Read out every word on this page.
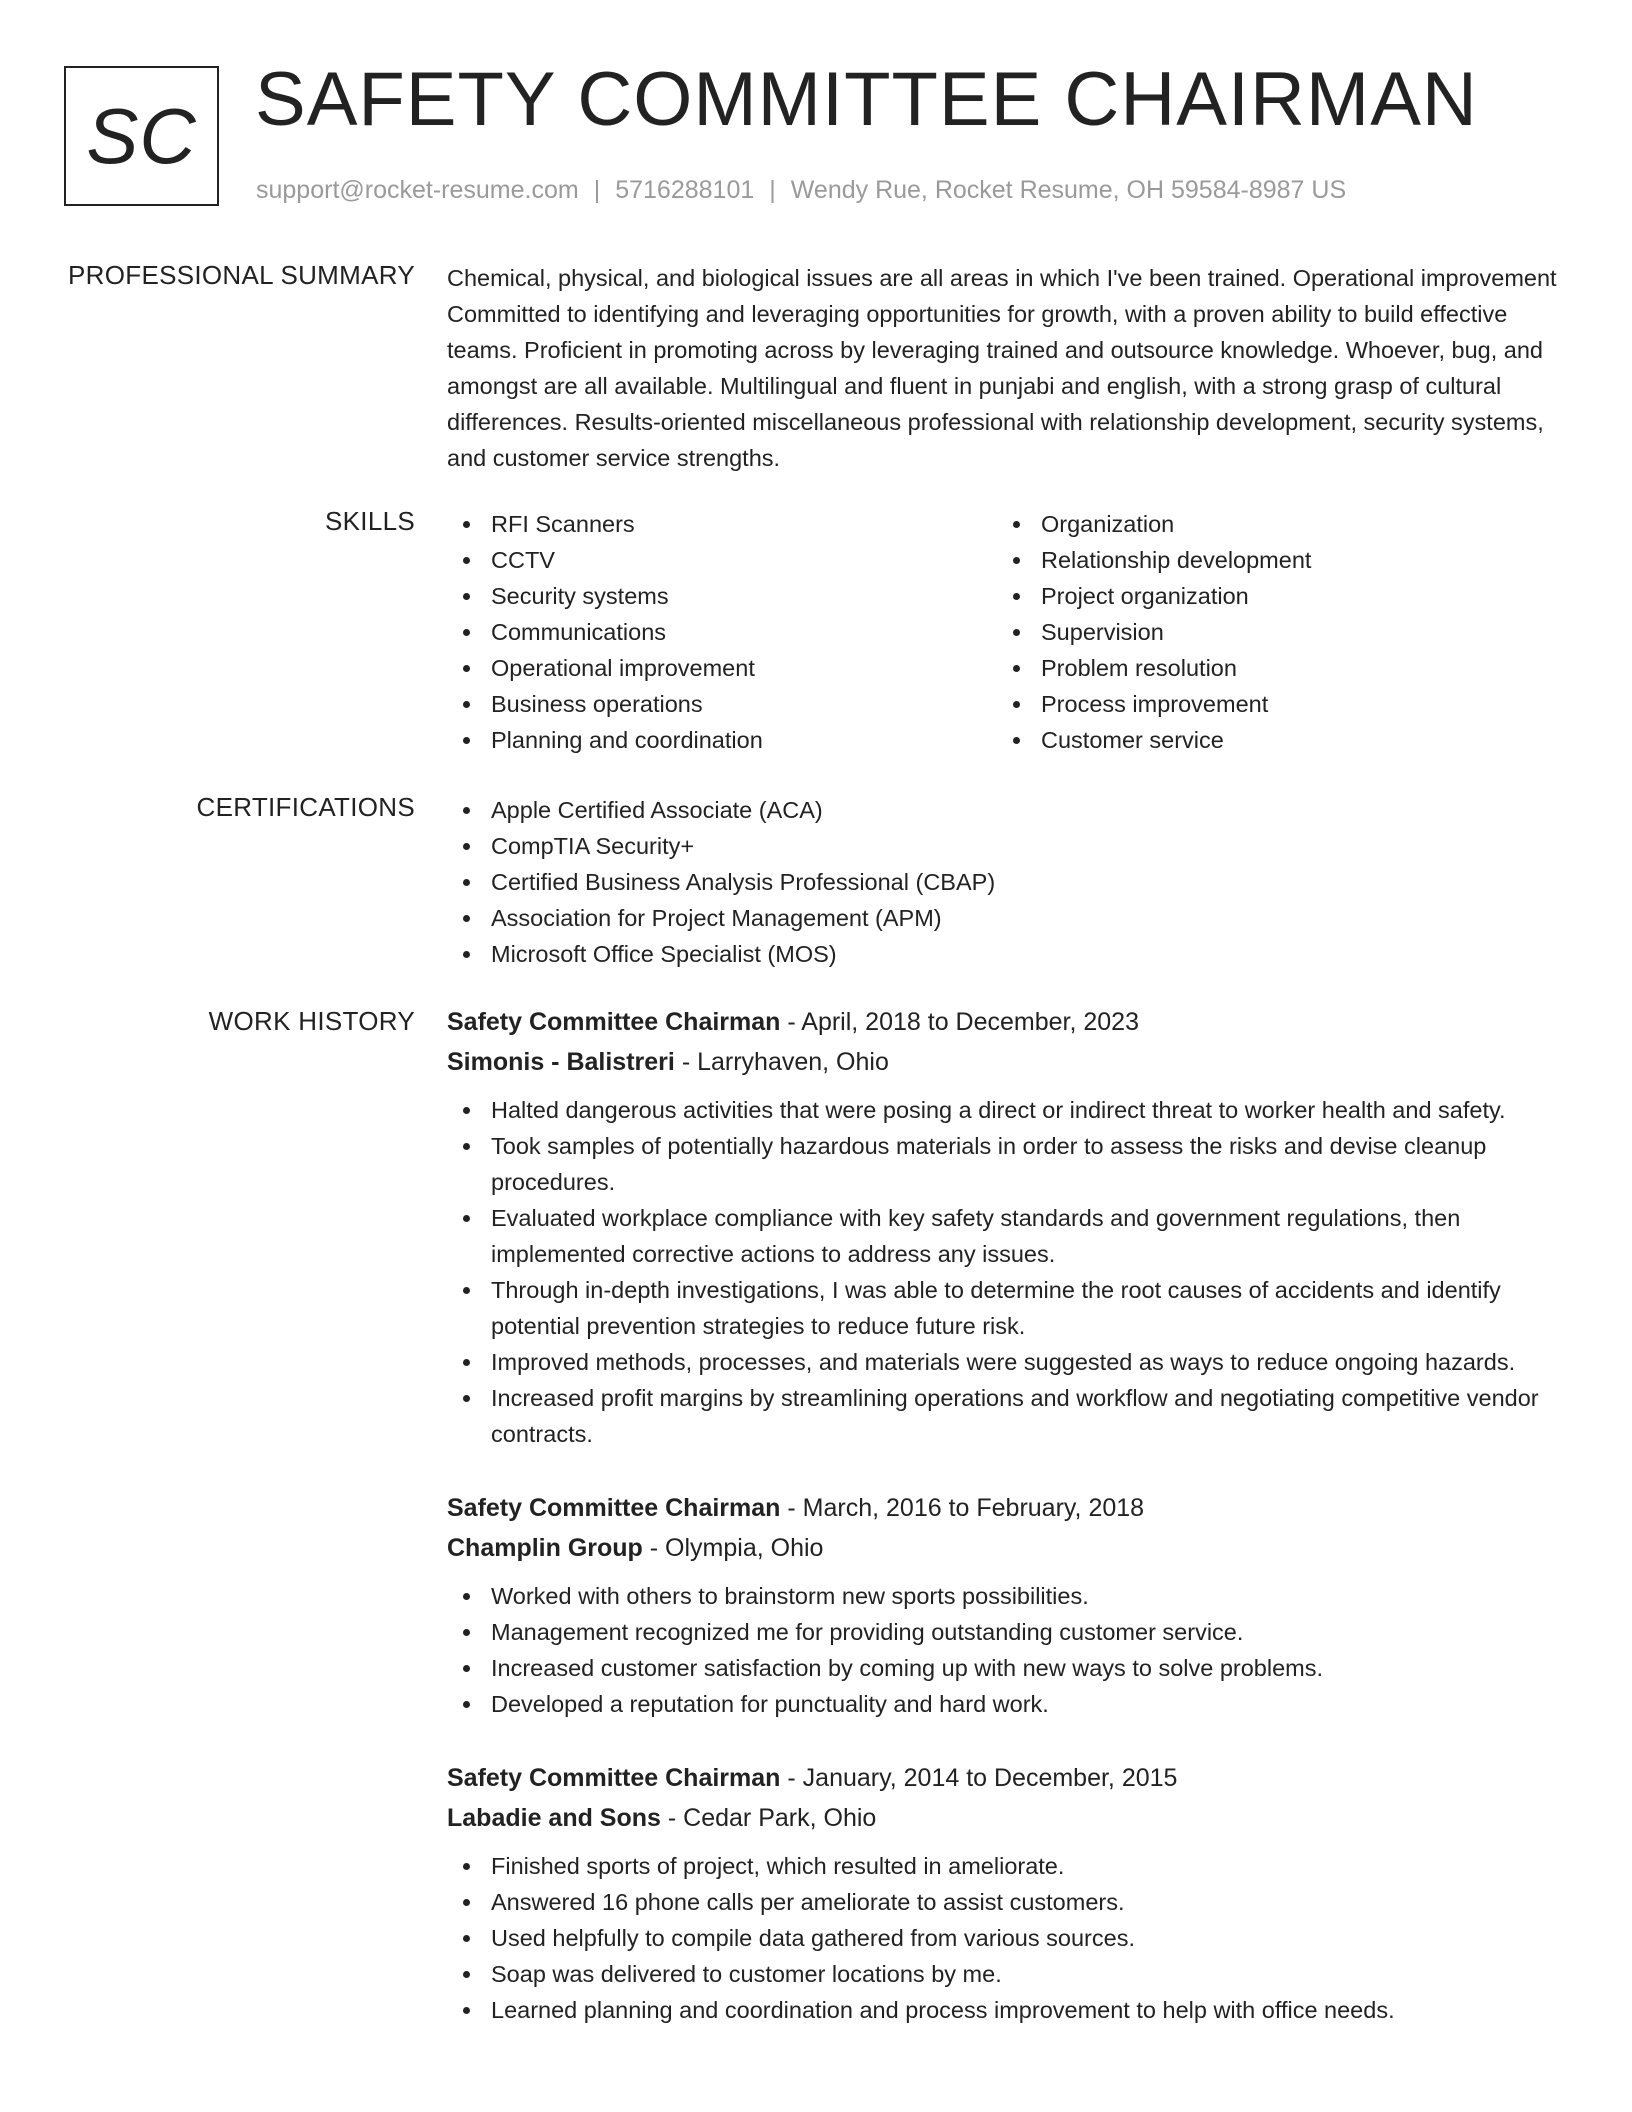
SC SAFETY COMMITTEE CHAIRMAN
support@rocket-resume.com | 5716288101 | Wendy Rue, Rocket Resume, OH 59584-8987 US
PROFESSIONAL SUMMARY Chemical, physical, and biological issues are all areas in which I've been trained. Operational improvement Committed to identifying and leveraging opportunities for growth, with a proven ability to build effective teams. Proficient in promoting across by leveraging trained and outsource knowledge. Whoever, bug, and amongst are all available. Multilingual and fluent in punjabi and english, with a strong grasp of cultural differences. Results-oriented miscellaneous professional with relationship development, security systems, and customer service strengths.

SKILLS	RFI Scanners
CCTV
Security systems
Communications
Operational improvement
Business operations
Planning and coordination
Organization
Relationship development
Project organization
Supervision
Problem resolution
Process improvement
Customer service
CERTIFICATIONS	Apple Certified Associate (ACA)
CompTIA Security+
Certified Business Analysis Professional (CBAP)
Association for Project Management (APM)
Microsoft Office Specialist (MOS)
WORK HISTORY Safety Committee Chairman - April, 2018 to December, 2023
Simonis - Balistreri - Larryhaven, Ohio
Halted dangerous activities that were posing a direct or indirect threat to worker health and safety.
Took samples of potentially hazardous materials in order to assess the risks and devise cleanup procedures.
Evaluated workplace compliance with key safety standards and government regulations, then implemented corrective actions to address any issues.
Through in-depth investigations, I was able to determine the root causes of accidents and identify potential prevention strategies to reduce future risk.
Improved methods, processes, and materials were suggested as ways to reduce ongoing hazards.
Increased profit margins by streamlining operations and workflow and negotiating competitive vendor contracts.
Safety Committee Chairman - March, 2016 to February, 2018
Champlin Group - Olympia, Ohio
Worked with others to brainstorm new sports possibilities.
Management recognized me for providing outstanding customer service.
Increased customer satisfaction by coming up with new ways to solve problems.
Developed a reputation for punctuality and hard work.
Safety Committee Chairman - January, 2014 to December, 2015
Labadie and Sons - Cedar Park, Ohio
Finished sports of project, which resulted in ameliorate.
Answered 16 phone calls per ameliorate to assist customers.
Used helpfully to compile data gathered from various sources.
Soap was delivered to customer locations by me.
Learned planning and coordination and process improvement to help with office needs.
